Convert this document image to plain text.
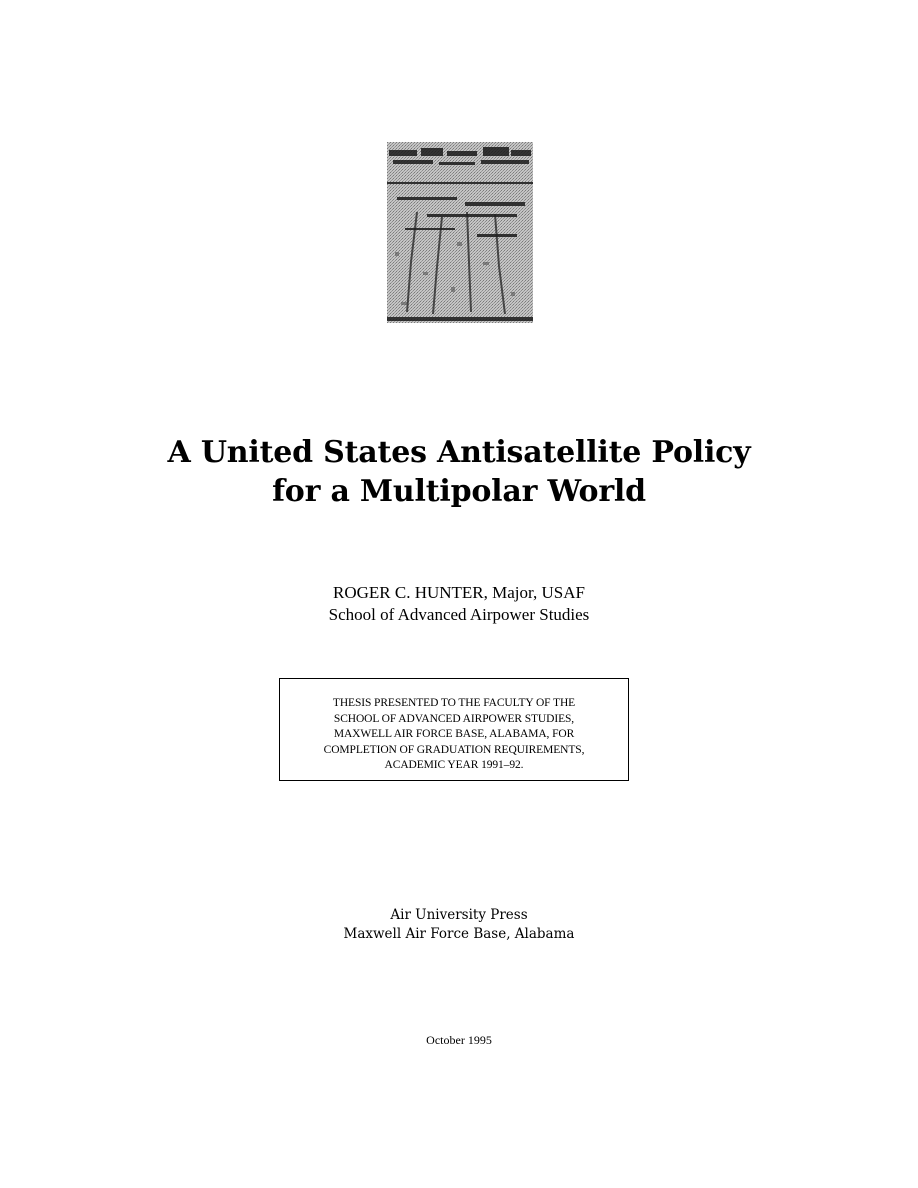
A United States Antisatellite Policy
for a Multipolar World
ROGER C. HUNTER, Major, USAF
School of Advanced Airpower Studies
THESIS PRESENTED TO THE FACULTY OF THE
SCHOOL OF ADVANCED AIRPOWER STUDIES,
MAXWELL AIR FORCE BASE, ALABAMA, FOR
COMPLETION OF GRADUATION REQUIREMENTS,
ACADEMIC YEAR 1991–92.
Air University Press
Maxwell Air Force Base, Alabama
October 1995
